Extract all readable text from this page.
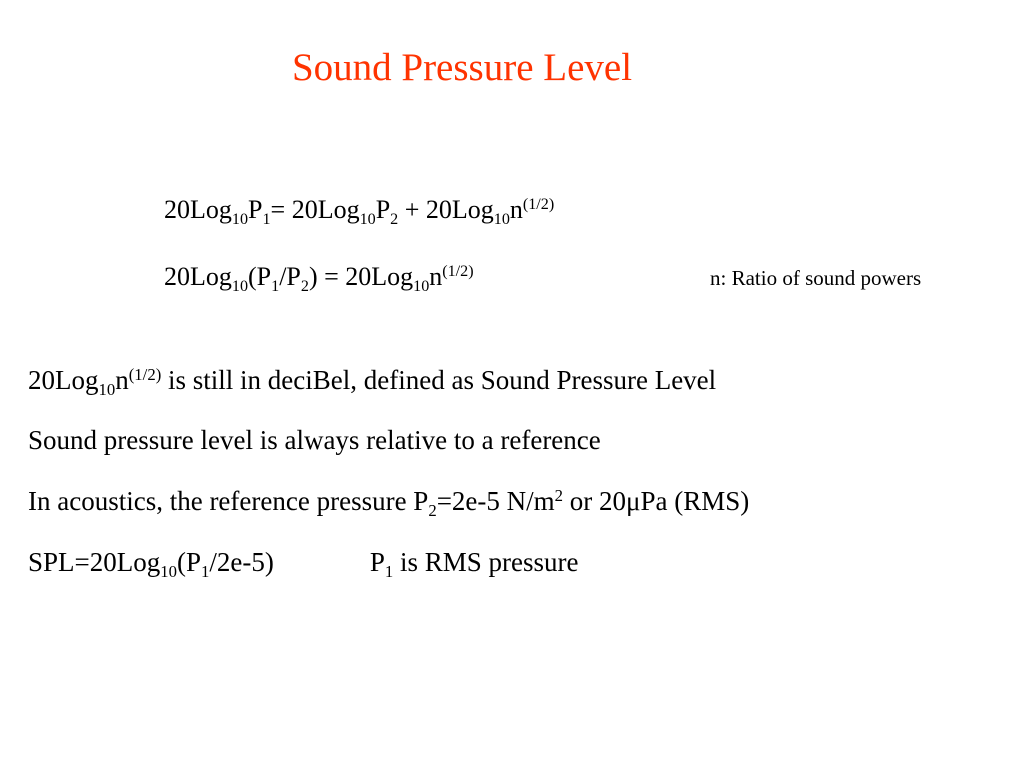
Sound Pressure Level
$20Log_{10}P_1= 20Log_{10}P_2 + 20Log_{10}n^{(1/2)}$
$20Log_{10}(P_1/P_2) = 20Log_{10}n^{(1/2)}$	n: Ratio of sound powers
$20Log_{10}n^{(1/2)}$ is still in deciBel, defined as Sound Pressure Level
Sound pressure level is always relative to a reference
In acoustics, the reference pressure $P_2=2e-5$ $N/m^2$ or 20μPa (RMS)
$SPL=20Log_{10}(P_1/2e-5)$	$P_1$ is RMS pressure
